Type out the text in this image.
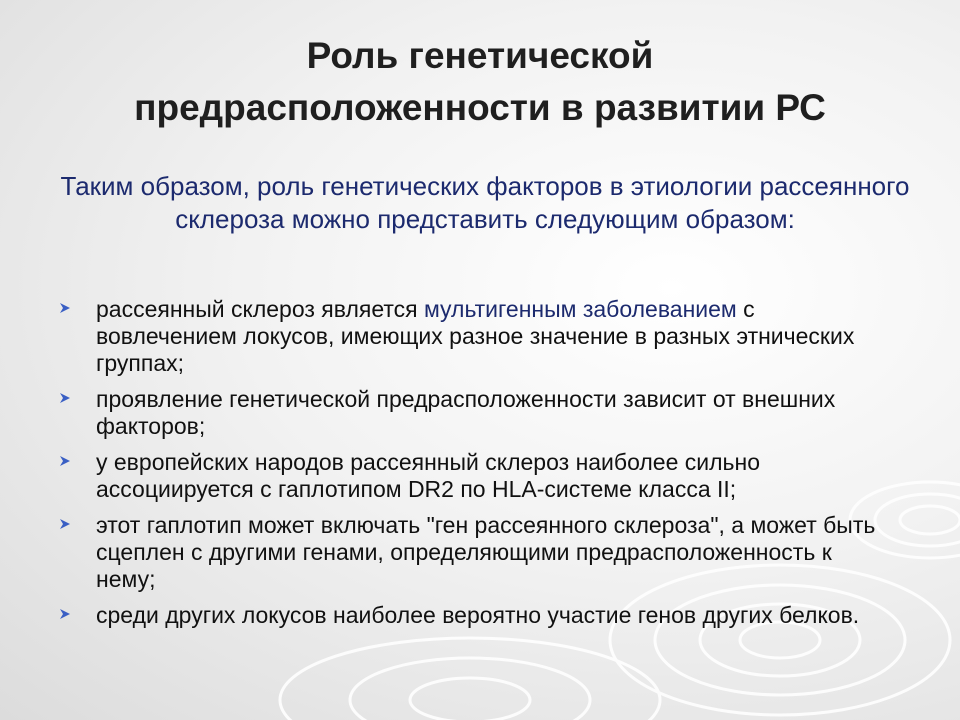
Роль генетической
предрасположенности в развитии РС

Таким образом, роль генетических факторов в этиологии рассеянного склероза можно представить следующим образом:

рассеянный склероз является мультигенным заболеванием с вовлечением локусов, имеющих разное значение в разных этнических группах;
проявление генетической предрасположенности зависит от внешних факторов;
у европейских народов рассеянный склероз наиболее сильно ассоциируется с гаплотипом DR2 по HLA-системе класса II;
этот гаплотип может включать "ген рассеянного склероза", а может быть сцеплен с другими генами, определяющими предрасположенность к нему;
среди других локусов наиболее вероятно участие генов других белков.
